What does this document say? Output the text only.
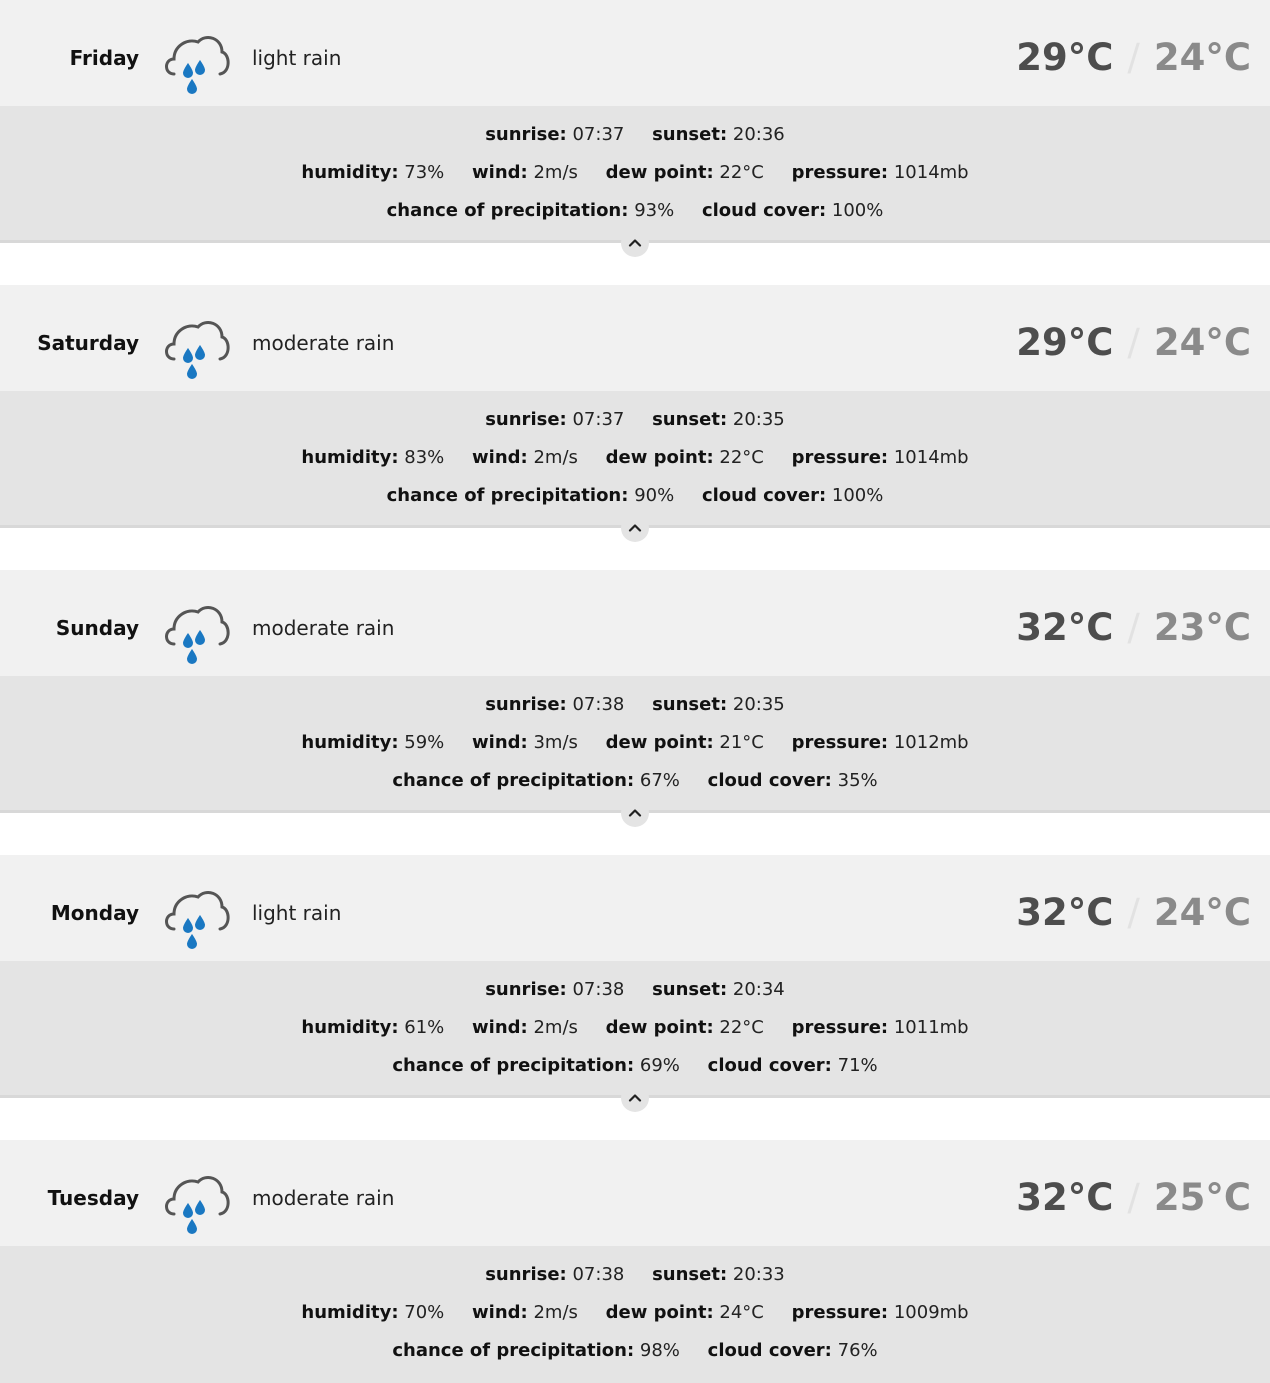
Friday	light rain	29°C / 24°C
sunrise: 07:37 sunset: 20:36
humidity: 73% wind: 2m/s dew point: 22°C pressure: 1014mb
chance of precipitation: 93% cloud cover: 100%
Saturday	moderate rain	29°C / 24°C
sunrise: 07:37 sunset: 20:35
humidity: 83% wind: 2m/s dew point: 22°C pressure: 1014mb
chance of precipitation: 90% cloud cover: 100%
Sunday	moderate rain	32°C / 23°C
sunrise: 07:38 sunset: 20:35
humidity: 59% wind: 3m/s dew point: 21°C pressure: 1012mb
chance of precipitation: 67% cloud cover: 35%
Monday	light rain	32°C / 24°C
sunrise: 07:38 sunset: 20:34
humidity: 61% wind: 2m/s dew point: 22°C pressure: 1011mb
chance of precipitation: 69% cloud cover: 71%
Tuesday	moderate rain	32°C / 25°C
sunrise: 07:38 sunset: 20:33
humidity: 70% wind: 2m/s dew point: 24°C pressure: 1009mb
chance of precipitation: 98% cloud cover: 76%
